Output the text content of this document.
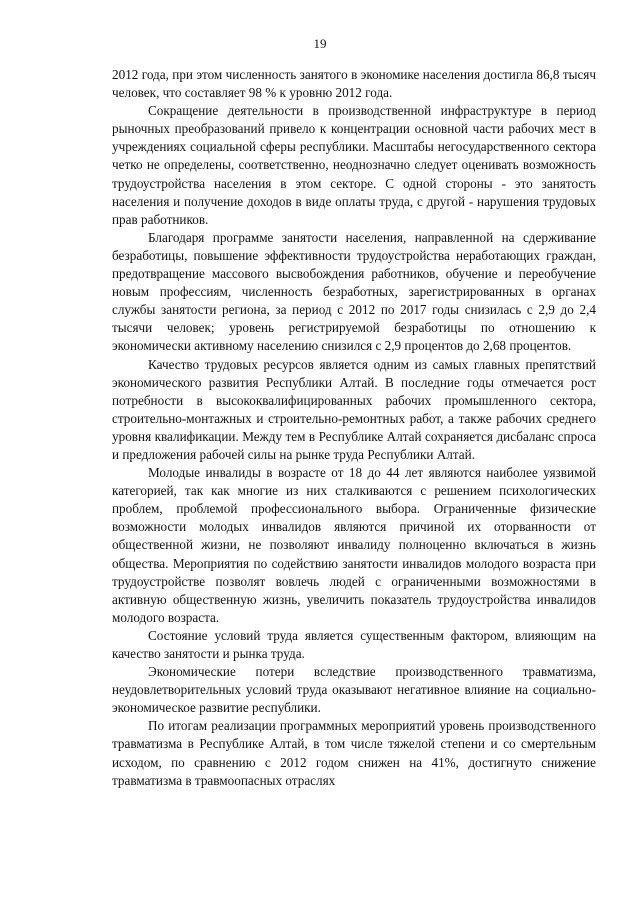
19

2012 года, при этом численность занятого в экономике населения достигла 86,8 тысяч человек, что составляет 98 % к уровню 2012 года.

Сокращение деятельности в производственной инфраструктуре в период рыночных преобразований привело к концентрации основной части рабочих мест в учреждениях социальной сферы республики. Масштабы негосударственного сектора четко не определены, соответственно, неоднозначно следует оценивать возможность трудоустройства населения в этом секторе. С одной стороны - это занятость населения и получение доходов в виде оплаты труда, с другой - нарушения трудовых прав работников.

Благодаря программе занятости населения, направленной на сдерживание безработицы, повышение эффективности трудоустройства неработающих граждан, предотвращение массового высвобождения работников, обучение и переобучение новым профессиям, численность безработных, зарегистрированных в органах службы занятости региона, за период с 2012 по 2017 годы снизилась с 2,9 до 2,4 тысячи человек; уровень регистрируемой безработицы по отношению к экономически активному населению снизился с 2,9 процентов до 2,68 процентов.

Качество трудовых ресурсов является одним из самых главных препятствий экономического развития Республики Алтай. В последние годы отмечается рост потребности в высококвалифицированных рабочих промышленного сектора, строительно-монтажных и строительно-ремонтных работ, а также рабочих среднего уровня квалификации. Между тем в Республике Алтай сохраняется дисбаланс спроса и предложения рабочей силы на рынке труда Республики Алтай.

Молодые инвалиды в возрасте от 18 до 44 лет являются наиболее уязвимой категорией, так как многие из них сталкиваются с решением психологических проблем, проблемой профессионального выбора. Ограниченные физические возможности молодых инвалидов являются причиной их оторванности от общественной жизни, не позволяют инвалиду полноценно включаться в жизнь общества. Мероприятия по содействию занятости инвалидов молодого возраста при трудоустройстве позволят вовлечь людей с ограниченными возможностями в активную общественную жизнь, увеличить показатель трудоустройства инвалидов молодого возраста.

Состояние условий труда является существенным фактором, влияющим на качество занятости и рынка труда.

Экономические потери вследствие производственного травматизма, неудовлетворительных условий труда оказывают негативное влияние на социально-экономическое развитие республики.

По итогам реализации программных мероприятий уровень производственного травматизма в Республике Алтай, в том числе тяжелой степени и со смертельным исходом, по сравнению с 2012 годом снижен на 41%, достигнуто снижение травматизма в травмоопасных отраслях
